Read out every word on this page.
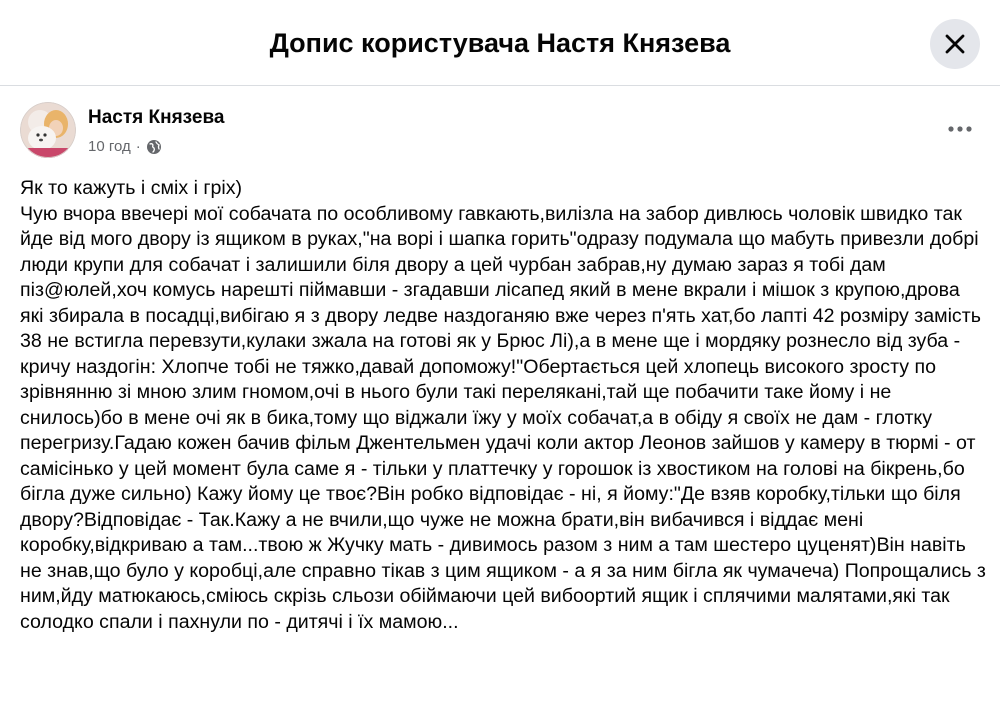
Допис користувача Настя Князева
Настя Князева
10 год ·

Як то кажуть і сміх і гріх)

Чую вчора ввечері мої собачата по особливому гавкають,вилізла на забор дивлюсь чоловік швидко так йде від мого двору із ящиком в руках,"на ворі і шапка горить"одразу подумала що мабуть привезли добрі люди крупи для собачат і залишили біля двору а цей чурбан забрав,ну думаю зараз я тобі дам піз@юлей,хоч комусь нарешті піймавши - згадавши лісапед який в мене вкрали і мішок з крупою,дрова які збирала в посадці,вибігаю я з двору ледве наздоганяю вже через п'ять хат,бо лапті 42 розміру замість 38 не встигла перевзути,кулаки зжала на готові як у Брюс Лі),а в мене ще і мордяку рознесло від зуба - кричу наздогін: Хлопче тобі не тяжко,давай допоможу!"Обертається цей хлопець високого зросту по зрівнянню зі мною злим гномом,очі в нього були такі перелякані,тай ще побачити таке йому і не снилось)бо в мене очі як в бика,тому що віджали їжу у моїх собачат,а в обіду я своїх не дам - глотку перегризу.Гадаю кожен бачив фільм Джентельмен удачі коли актор Леонов зайшов у камеру в тюрмі - от самісінько у цей момент була саме я - тільки у платтечку у горошок із хвостиком на голові на бікрень,бо бігла дуже сильно) Кажу йому це твоє?Він робко відповідає - ні, я йому:"Де взяв коробку,тільки що біля двору?Відповідає - Так.Кажу а не вчили,що чуже не можна брати,він вибачився і віддає мені коробку,відкриваю а там...твою ж Жучку мать - дивимось разом з ним а там шестеро цуценят)Він навіть не знав,що було у коробці,але справно тікав з цим ящиком - а я за ним бігла як чумачеча) Попрощались з ним,йду матюкаюсь,сміюсь скрізь сльози обіймаючи цей вибоортий ящик і сплячими малятами,які так солодко спали і пахнули по - дитячі і їх мамою...
